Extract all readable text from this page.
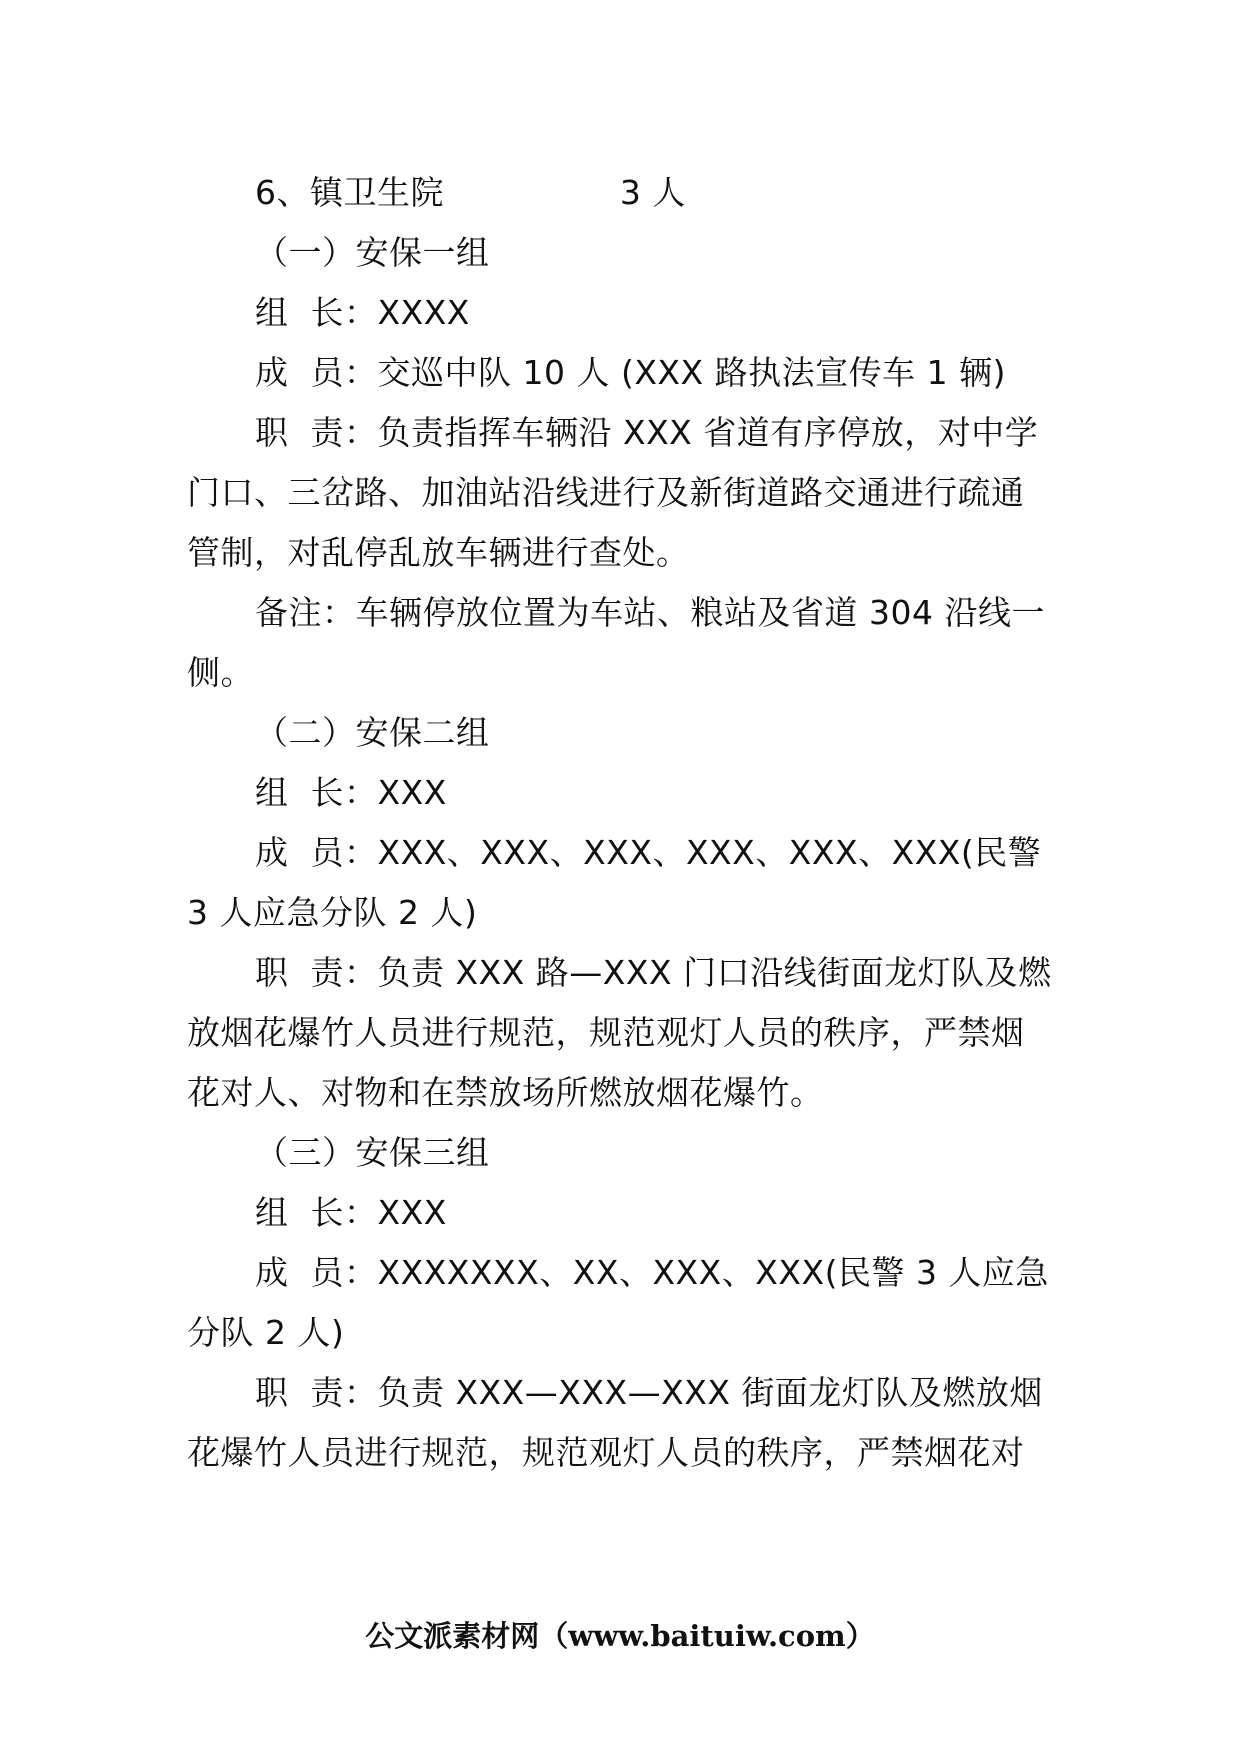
6、镇卫生院                3 人
（一）安保一组
组  长：XXXX
成  员：交巡中队 10 人 (XXX 路执法宣传车 1 辆)
职  责：负责指挥车辆沿 XXX 省道有序停放，对中学
门口、三岔路、加油站沿线进行及新街道路交通进行疏通
管制，对乱停乱放车辆进行查处。
备注：车辆停放位置为车站、粮站及省道 304 沿线一
侧。
（二）安保二组
组  长：XXX
成  员：XXX、XXX、XXX、XXX、XXX、XXX(民警
3 人应急分队 2 人)
职  责：负责 XXX 路—XXX 门口沿线街面龙灯队及燃
放烟花爆竹人员进行规范，规范观灯人员的秩序，严禁烟
花对人、对物和在禁放场所燃放烟花爆竹。
（三）安保三组
组  长：XXX
成  员：XXXXXXX、XX、XXX、XXX(民警 3 人应急
分队 2 人)
职  责：负责 XXX—XXX—XXX 街面龙灯队及燃放烟
花爆竹人员进行规范，规范观灯人员的秩序，严禁烟花对
公文派素材网（www.baituiw.com）
